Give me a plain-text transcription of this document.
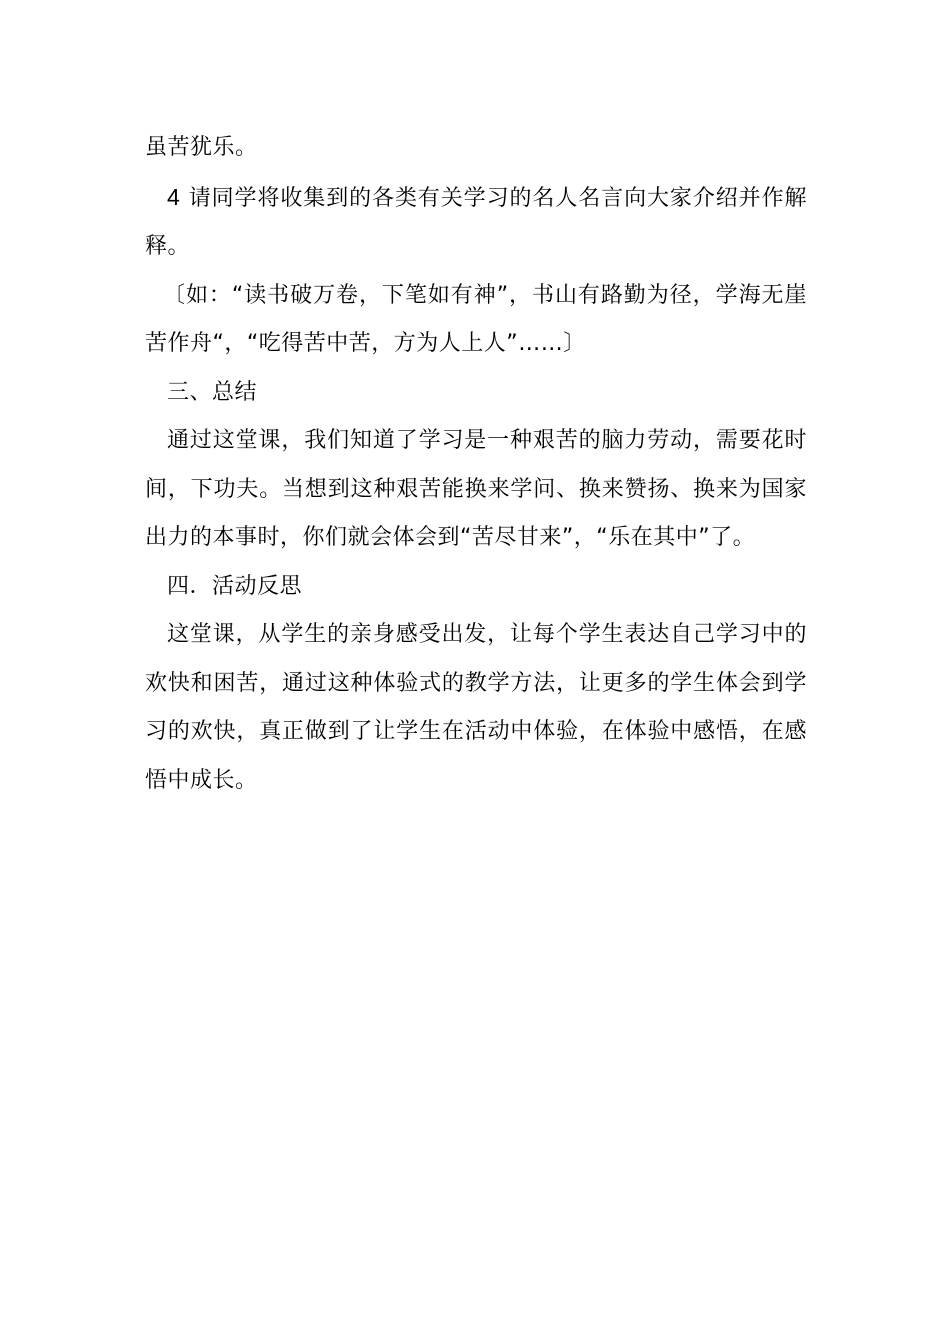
虽苦犹乐。

4 请同学将收集到的各类有关学习的名人名言向大家介绍并作解释。

〔如：“读书破万卷，下笔如有神”，书山有路勤为径，学海无崖苦作舟“，“吃得苦中苦，方为人上人”……〕

三、总结

通过这堂课，我们知道了学习是一种艰苦的脑力劳动，需要花时间，下功夫。当想到这种艰苦能换来学问、换来赞扬、换来为国家出力的本事时，你们就会体会到“苦尽甘来”，“乐在其中”了。

四．活动反思

这堂课，从学生的亲身感受出发，让每个学生表达自己学习中的欢快和困苦，通过这种体验式的教学方法，让更多的学生体会到学习的欢快，真正做到了让学生在活动中体验，在体验中感悟，在感悟中成长。
